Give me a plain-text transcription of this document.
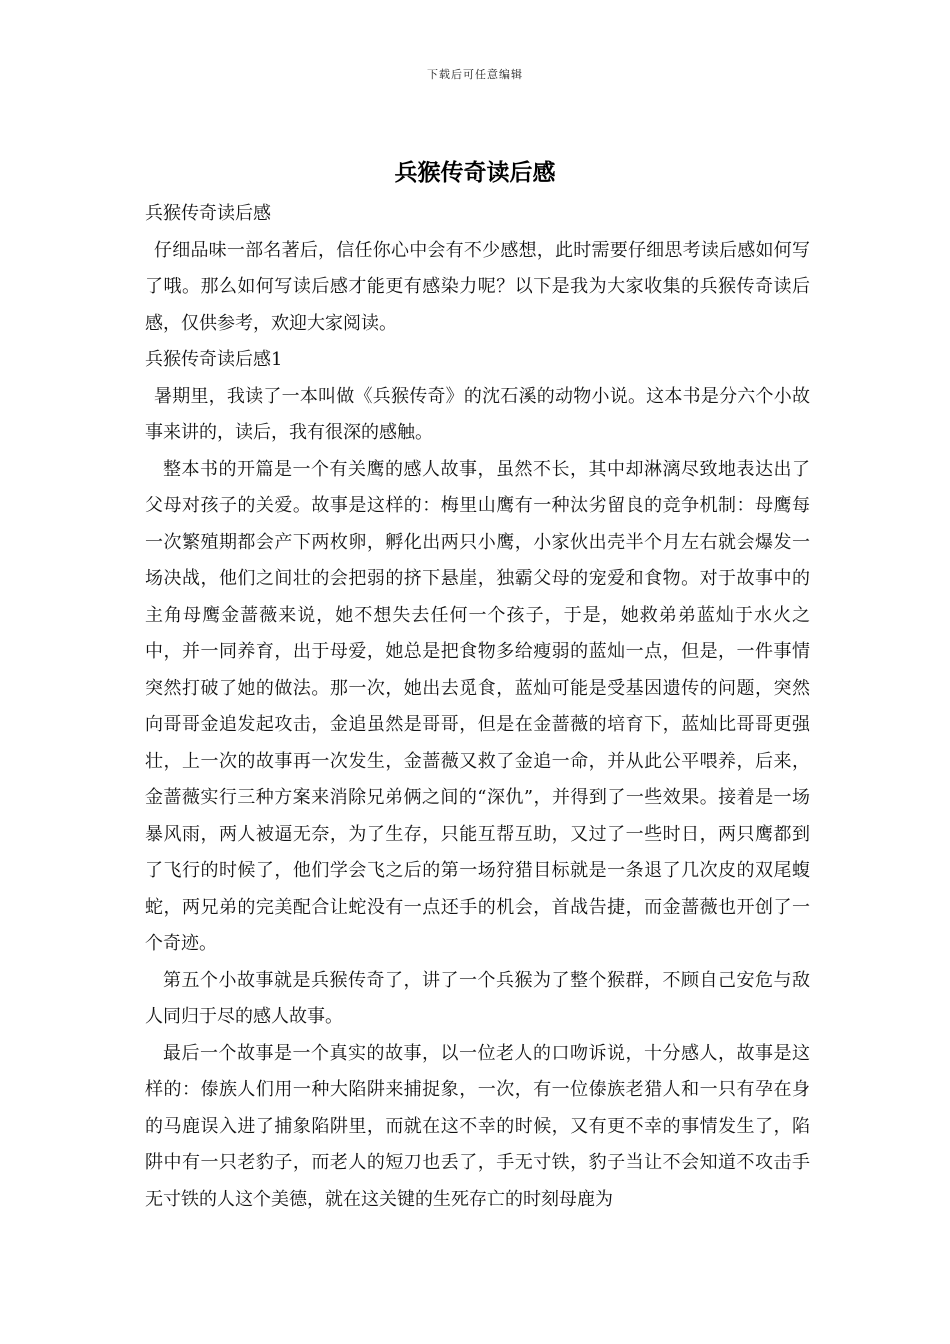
下载后可任意编辑
兵猴传奇读后感

兵猴传奇读后感

仔细品味一部名著后，信任你心中会有不少感想，此时需要仔细思考读后感如何写了哦。那么如何写读后感才能更有感染力呢？以下是我为大家收集的兵猴传奇读后感，仅供参考，欢迎大家阅读。

兵猴传奇读后感1

暑期里，我读了一本叫做《兵猴传奇》的沈石溪的动物小说。这本书是分六个小故事来讲的，读后，我有很深的感触。

整本书的开篇是一个有关鹰的感人故事，虽然不长，其中却淋漓尽致地表达出了父母对孩子的关爱。故事是这样的：梅里山鹰有一种汰劣留良的竞争机制：母鹰每一次繁殖期都会产下两枚卵，孵化出两只小鹰，小家伙出壳半个月左右就会爆发一场决战，他们之间壮的会把弱的挤下悬崖，独霸父母的宠爱和食物。对于故事中的主角母鹰金蔷薇来说，她不想失去任何一个孩子，于是，她救弟弟蓝灿于水火之中，并一同养育，出于母爱，她总是把食物多给瘦弱的蓝灿一点，但是，一件事情突然打破了她的做法。那一次，她出去觅食，蓝灿可能是受基因遗传的问题，突然向哥哥金追发起攻击，金追虽然是哥哥，但是在金蔷薇的培育下，蓝灿比哥哥更强壮，上一次的故事再一次发生，金蔷薇又救了金追一命，并从此公平喂养，后来，金蔷薇实行三种方案来消除兄弟俩之间的“深仇”，并得到了一些效果。接着是一场暴风雨，两人被逼无奈，为了生存，只能互帮互助，又过了一些时日，两只鹰都到了飞行的时候了，他们学会飞之后的第一场狩猎目标就是一条退了几次皮的双尾蝮蛇，两兄弟的完美配合让蛇没有一点还手的机会，首战告捷，而金蔷薇也开创了一个奇迹。

第五个小故事就是兵猴传奇了，讲了一个兵猴为了整个猴群，不顾自己安危与敌人同归于尽的感人故事。

最后一个故事是一个真实的故事，以一位老人的口吻诉说，十分感人，故事是这样的：傣族人们用一种大陷阱来捕捉象，一次，有一位傣族老猎人和一只有孕在身的马鹿误入进了捕象陷阱里，而就在这不幸的时候，又有更不幸的事情发生了，陷阱中有一只老豹子，而老人的短刀也丢了，手无寸铁，豹子当让不会知道不攻击手无寸铁的人这个美德，就在这关键的生死存亡的时刻母鹿为
